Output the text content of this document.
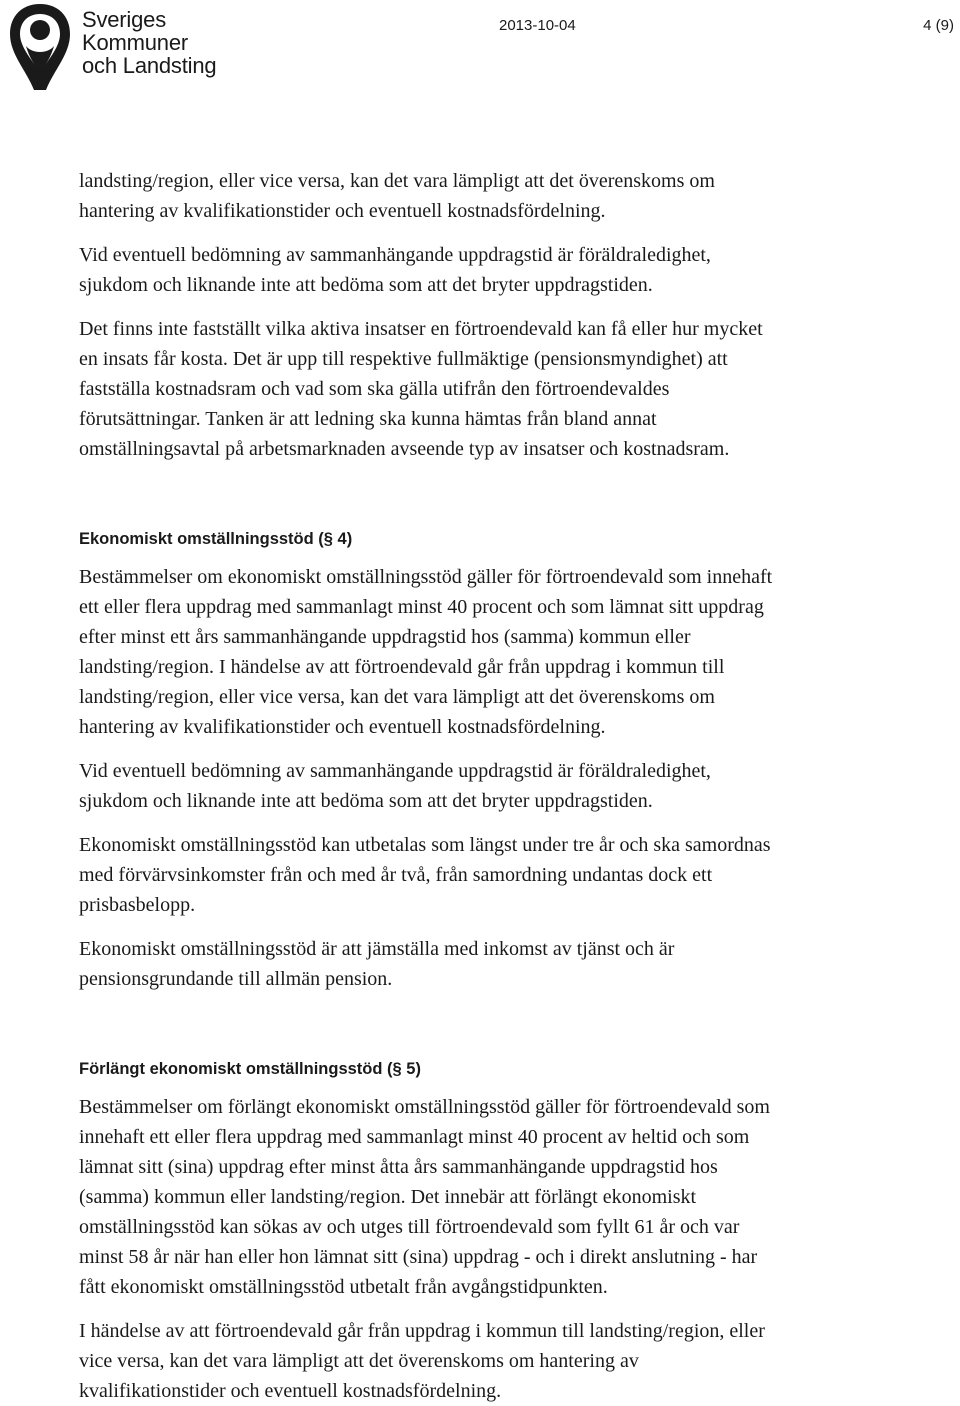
Sveriges
Kommuner
och Landsting
2013-10-04	4 (9)

landsting/region, eller vice versa, kan det vara lämpligt att det överenskoms om

hantering av kvalifikationstider och eventuell kostnadsfördelning.

Vid eventuell bedömning av sammanhängande uppdragstid är föräldraledighet,

sjukdom och liknande inte att bedöma som att det bryter uppdragstiden.

Det finns inte fastställt vilka aktiva insatser en förtroendevald kan få eller hur mycket

en insats får kosta. Det är upp till respektive fullmäktige (pensionsmyndighet) att

fastställa kostnadsram och vad som ska gälla utifrån den förtroendevaldes

förutsättningar. Tanken är att ledning ska kunna hämtas från bland annat

omställningsavtal på arbetsmarknaden avseende typ av insatser och kostnadsram.

Ekonomiskt omställningsstöd (§ 4)

Bestämmelser om ekonomiskt omställningsstöd gäller för förtroendevald som innehaft

ett eller flera uppdrag med sammanlagt minst 40 procent och som lämnat sitt uppdrag

efter minst ett års sammanhängande uppdragstid hos (samma) kommun eller

landsting/region. I händelse av att förtroendevald går från uppdrag i kommun till

landsting/region, eller vice versa, kan det vara lämpligt att det överenskoms om

hantering av kvalifikationstider och eventuell kostnadsfördelning.

Vid eventuell bedömning av sammanhängande uppdragstid är föräldraledighet,

sjukdom och liknande inte att bedöma som att det bryter uppdragstiden.

Ekonomiskt omställningsstöd kan utbetalas som längst under tre år och ska samordnas

med förvärvsinkomster från och med år två, från samordning undantas dock ett

prisbasbelopp.

Ekonomiskt omställningsstöd är att jämställa med inkomst av tjänst och är

pensionsgrundande till allmän pension.

Förlängt ekonomiskt omställningsstöd (§ 5)

Bestämmelser om förlängt ekonomiskt omställningsstöd gäller för förtroendevald som

innehaft ett eller flera uppdrag med sammanlagt minst 40 procent av heltid och som

lämnat sitt (sina) uppdrag efter minst åtta års sammanhängande uppdragstid hos

(samma) kommun eller landsting/region. Det innebär att förlängt ekonomiskt

omställningsstöd kan sökas av och utges till förtroendevald som fyllt 61 år och var

minst 58 år när han eller hon lämnat sitt (sina) uppdrag - och i direkt anslutning - har

fått ekonomiskt omställningsstöd utbetalt från avgångstidpunkten.

I händelse av att förtroendevald går från uppdrag i kommun till landsting/region, eller

vice versa, kan det vara lämpligt att det överenskoms om hantering av

kvalifikationstider och eventuell kostnadsfördelning.
